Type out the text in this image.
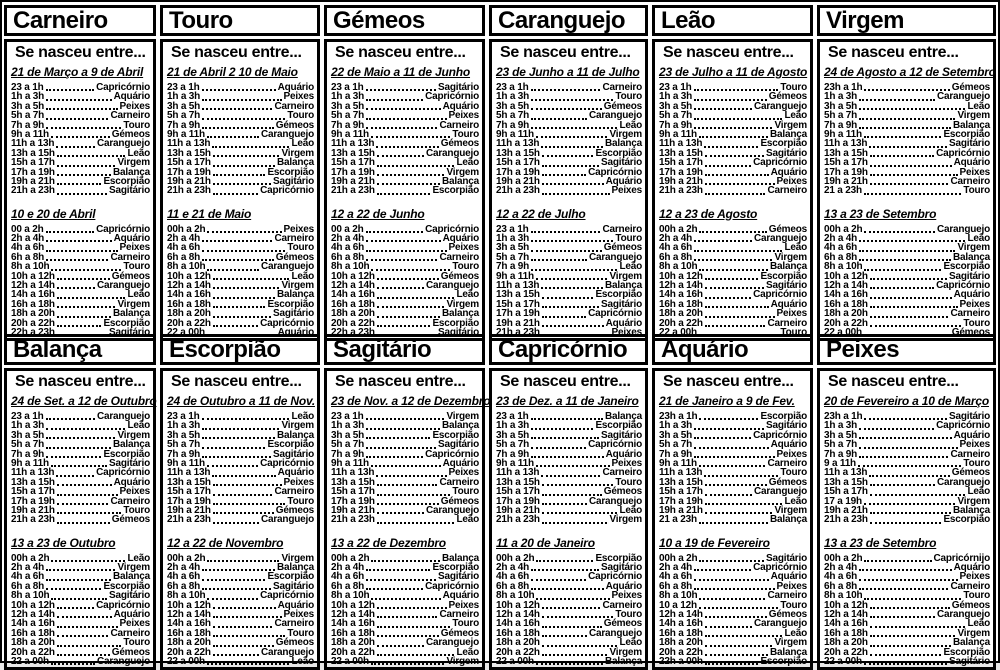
Carneiro
Se nasceu entre...
21 de Março a 9 de Abril
23 a 1h	Capricórnio
1h a 3h	Aquário
3h a 5h	Peixes
5h a 7h	Carneiro
7h a 9h	Touro
9h a 11h	Gémeos
11h a 13h	Caranguejo
13h a 15h	Leão
15h a 17h	Virgem
17h a 19h	Balança
19h a 21h	Escorpião
21h a 23h	Sagitário
10 e 20 de Abril
00 a 2h	Capricórnio
2h a 4h	Aquário
4h a 6h	Peixes
6h a 8h	Carneiro
8h a 10h	Touro
10h a 12h	Gémeos
12h a 14h	Caranguejo
14h a 16h	Leão
16h a 18h	Virgem
18h a 20h	Balança
20h a 22h	Escorpião
22h a 23h	Sagitário
Touro
Se nasceu entre...
21 de Abril 2 10 de Maio
23 a 1h	Aquário
1h a 3h	Peixes
3h a 5h	Carneiro
5h a 7h	Touro
7h a 9h	Gémeos
9h a 11h	Caranguejo
11h a 13h	Leão
13h a 15h	Virgem
15h a 17h	Balança
17h a 19h	Escorpião
19h a 21h	Sagitário
21h a 23h	Capricórnio
11 e 21 de Maio
00h a 2h	Peixes
2h a 4h	Carneiro
4h a 6h	Touro
6h a 8h	Gémeos
8h a 10h	Caranguejo
10h a 12h	Leão
12h a 14h	Virgem
14h a 16h	Balança
16h a 18h	Escorpião
18h a 20h	Sagitário
20h a 22h	Capricórnio
22 a 00h	Aquário
Gémeos
Se nasceu entre...
22 de Maio a 11 de Junho
23 a 1h	Sagitário
1h a 3h	Capricórnio
3h a 5h	Aquário
5h a 7h	Peixes
7h a 9h	Carneiro
9h a 11h	Touro
11h a 13h	Gémeos
13h a 15h	Caranguejo
15h a 17h	Leão
17h a 19h	Virgem
19h a 21h	Balança
21h a 23h	Escorpião
12 a 22 de Junho
00 a 2h	Capricórnio
2h a 4h	Aquário
4h a 6h	Peixes
6h a 8h	Carneiro
8h a 10h	Touro
10h a 12h	Gémeos
12h a 14h	Caranguejo
14h a 16h	Leão
16h a 18h	Virgem
18h a 20h	Balança
20h a 22h	Escorpião
22h a 23h	Sagitário
Caranguejo
Se nasceu entre...
23 de Junho a 11 de Julho
23 a 1h	Carneiro
1h a 3h	Touro
3h a 5h	Gémeos
5h a 7h	Caranguejo
7h a 9h	Leão
9h a 11h	Virgem
11h a 13h	Balança
13h a 15h	Escorpião
15h a 17h	Sagitário
17h a 19h	Capricórnio
19h a 21h	Aquário
21h a 23h	Peixes
12 a 22 de Julho
23 a 1h	Carneiro
1h a 3h	Touro
3h a 5h	Gémeos
5h a 7h	Caranguejo
7h a 9h	Leão
9h a 11h	Virgem
11h a 13h	Balança
13h a 15h	Escorpião
15h a 17h	Sagitário
17h a 19h	Capricórnio
19h a 21h	Aquário
21h a 23h	Peixes
Leão
Se nasceu entre...
23 de Julho a 11 de Agosto
23 a 1h	Touro
1h a 3h	Gémeos
3h a 5h	Caranguejo
5h a 7h	Leão
7h a 9h	Virgem
9h a 11h	Balança
11h a 13h	Escorpião
13h a 15h	Sagitário
15h a 17h	Capricórnio
17h a 19h	Aquário
19h a 21h	Peixes
21h a 23h	Carneiro
12 a 23 de Agosto
00h a 2h	Gémeos
2h a 4h	Caranguejo
4h a 6h	Leão
6h a 8h	Virgem
8h a 10h	Balança
10h a 12h	Escorpião
12h a 14h	Sagitário
14h a 16h	Capricórnio
16h a 18h	Aquário
18h a 20h	Peixes
20h a 22h	Carneiro
22 a 00h	Touro
Virgem
Se nasceu entre...
24 de Agosto a 12 de Setembro
23h a 1h	Gémeos
1h a 3h	Caranguejo
3h a 5h	Leão
5h a 7h	Virgem
7h a 9h	Balança
9h a 11h	Escorpião
11h a 13h	Sagitário
13h a 15h	Capricórnio
15h a 17h	Aquário
17h a 19h	Peixes
19h a 21h	Carneiro
21 a 23h	Touro
13 a 23 de Setembro
00h a 2h	Caranguejo
2h a 4h	Leão
4h a 6h	Virgem
6h a 8h	Balança
8h a 10h	Escorpião
10h a 12h	Sagitário
12h a 14h	Capricórnio
14h a 16h	Aquário
16h a 18h	Peixes
18h a 20h	Carneiro
20h a 22h	Touro
22 a 00h	Gémeos
Balança
Se nasceu entre...
24 de Set. a 12 de Outubro
23 a 1h	Caranguejo
1h a 3h	Leão
3h a 5h	Virgem
5h a 7h	Balança
7h a 9h	Escorpião
9h a 11h	Sagitário
11h a 13h	Capricórnio
13h a 15h	Aquário
15h a 17h	Peixes
17h a 19h	Carneiro
19h a 21h	Touro
21h a 23h	Gémeos
13 a 23 de Outubro
00h a 2h	Leão
2h a 4h	Virgem
4h a 6h	Balança
6h a 8h	Escorpião
8h a 10h	Sagitário
10h a 12h	Capricórnio
12h a 14h	Aquário
14h a 16h	Peixes
16h a 18h	Carneiro
18h a 20h	Touro
20h a 22h	Gémeos
22 a 00h	Caranguejo
Escorpião
Se nasceu entre...
24 de Outubro a 11 de Nov.
23 a 1h	Leão
1h a 3h	Virgem
3h a 5h	Balança
5h a 7h	Escorpião
7h a 9h	Sagitário
9h a 11h	Capricórnio
11h a 13h	Aquário
13h a 15h	Peixes
15h a 17h	Carneiro
17h a 19h	Touro
19h a 21h	Gémeos
21h a 23h	Caranguejo
12 a 22 de Novembro
00h a 2h	Virgem
2h a 4h	Balança
4h a 6h	Escorpião
6h a 8h	Sagitário
8h a 10h	Capricórnio
10h a 12h	Aquário
12h a 14h	Peixes
14h a 16h	Carneiro
16h a 18h	Touro
18h a 20h	Gémeos
20h a 22h	Caranguejo
22 a 00h	Leão
Sagitário
Se nasceu entre...
23 de Nov. a 12 de Dezembro
23 a 1h	Virgem
1h a 3h	Balança
3h a 5h	Escorpião
5h a 7h	Sagitário
7h a 9h	Capricórnio
9h a 11h	Aquário
11h a 13h	Peixes
13h a 15h	Carneiro
15h a 17h	Touro
17h a 19h	Gémeos
19h a 21h	Caranguejo
21h a 23h	Leão
13 a 22 de Dezembro
00h a 2h	Balança
2h a 4h	Escorpião
4h a 6h	Sagitário
6h a 8h	Capricórnio
8h a 10h	Aquário
10h a 12h	Peixes
12h a 14h	Carneiro
14h a 16h	Touro
16h a 18h	Gémeos
18h a 20h	Caranguejo
20h a 22h	Leão
22 a 00h	Virgem
Capricórnio
Se nasceu entre...
23 de Dez. a 11 de Janeiro
23 a 1h	Balança
1h a 3h	Escorpião
3h a 5h	Sagitário
5h a 7h	Capricórnio
7h a 9h	Aquário
9h a 11h	Peixes
11h a 13h	Carneiro
13h a 15h	Touro
15h a 17h	Gémeos
17h a 19h	Caranguejo
19h a 21h	Leão
21h a 23h	Virgem
11 a 20 de Janeiro
00h a 2h	Escorpião
2h a 4h	Sagitário
4h a 6h	Capricórnio
6h a 8h	Aquário
8h a 10h	Peixes
10h a 12h	Carneiro
12h a 14h	Touro
14h a 16h	Gémeos
16h a 18h	Caranguejo
18h a 20h	Leão
20h a 22h	Virgem
22 a 00h	Balança
Aquário
Se nasceu entre...
21 de Janeiro a 9 de Fev.
23h a 1h	Escorpião
1h a 3h	Sagitário
3h a 5h	Capricórnio
5h a 7h	Aquário
7h a 9h	Peixes
9h a 11h	Carneiro
11h a 13h	Touro
13h a 15h	Gémeos
15h a 17h	Caranguejo
17h a 19h	Leão
19h a 21h	Virgem
21 a 23h	Balança
10 a 19 de Fevereiro
00h a 2h	Sagitário
2h a 4h	Capricórnio
4h a 6h	Aquário
6h a 8h	Peixes
8h a 10h	Carneiro
10 a 12h	Touro
12h a 14h	Gémeos
14h a 16h	Caranguejo
16h a 18h	Leão
18h a 20h	Virgem
20h a 22h	Balança
22h a 00h	Escorpião
Peixes
Se nasceu entre...
20 de Fevereiro a 10 de Março
23h a 1h	Sagitário
1h a 3h	Capricórnio
3h a 5h	Aquário
5h a 7h	Peixes
7h a 9h	Carneiro
9 a 11h	Touro
11h a 13h	Gémeos
13h a 15h	Caranguejo
15h a 17h	Leão
17 a 19h	Virgem
19h a 21h	Balança
21h a 23h	Escorpião
13 a 23 de Setembro
00h a 2h	Capricórnijo
2h a 4h	Aquário
4h a 6h	Peixes
6h a 8h	Carneiro
8h a 10h	Touro
10h a 12h	Gémeos
12h a 14h	Caranguejo
14h a 16h	Leão
16h a 18h	Virgem
18h a 20h	Balança
20h a 22h	Escorpião
22 a 00h	Sagitário
